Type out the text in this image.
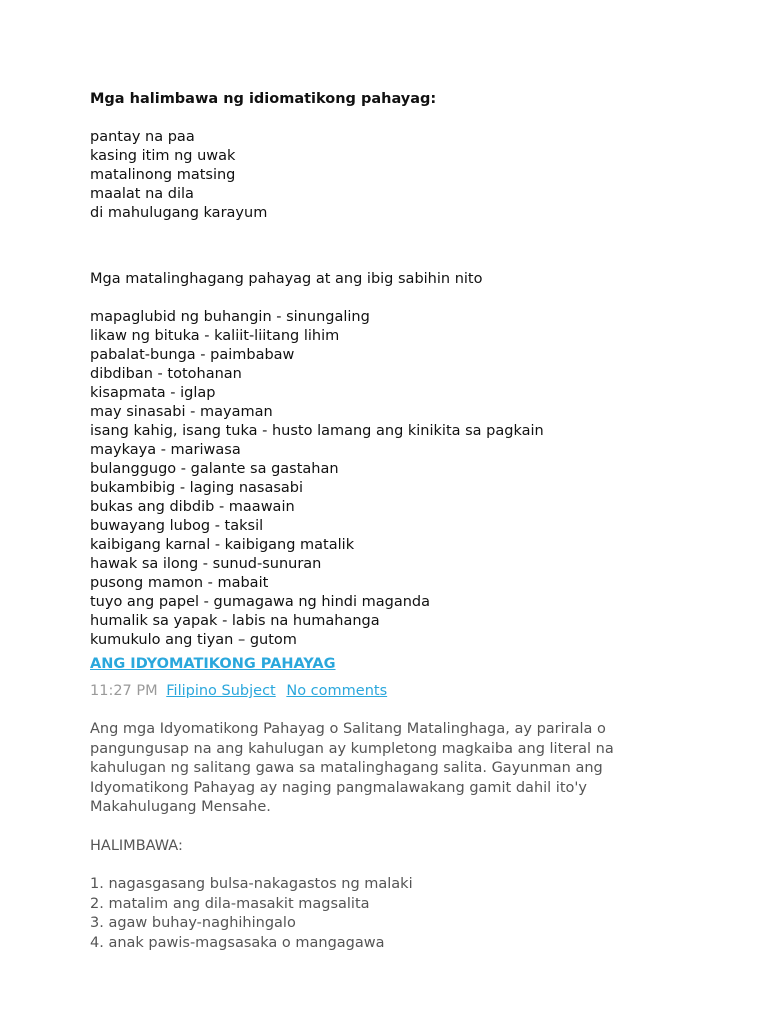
Mga halimbawa ng idiomatikong pahayag:
pantay na paa
kasing itim ng uwak
matalinong matsing
maalat na dila
di mahulugang karayum
Mga matalinghagang pahayag at ang ibig sabihin nito
mapaglubid ng buhangin - sinungaling
likaw ng bituka - kaliit-liitang lihim
pabalat-bunga - paimbabaw
dibdiban - totohanan
kisapmata - iglap
may sinasabi - mayaman
isang kahig, isang tuka - husto lamang ang kinikita sa pagkain
maykaya - mariwasa
bulanggugo - galante sa gastahan
bukambibig - laging nasasabi
bukas ang dibdib - maawain
buwayang lubog - taksil
kaibigang karnal - kaibigang matalik
hawak sa ilong - sunud-sunuran
pusong mamon - mabait
tuyo ang papel - gumagawa ng hindi maganda
humalik sa yapak - labis na humahanga
kumukulo ang tiyan – gutom
ANG IDYOMATIKONG PAHAYAG
11:27 PM Filipino Subject No comments
Ang mga Idyomatikong Pahayag o Salitang Matalinghaga, ay parirala o pangungusap na ang kahulugan ay kumpletong magkaiba ang literal na kahulugan ng salitang gawa sa matalinghagang salita. Gayunman ang Idyomatikong Pahayag ay naging pangmalawakang gamit dahil ito'y Makahulugang Mensahe.
HALIMBAWA:
1. nagasgasang bulsa-nakagastos ng malaki
2. matalim ang dila-masakit magsalita
3. agaw buhay-naghihingalo
4. anak pawis-magsasaka o mangagawa
